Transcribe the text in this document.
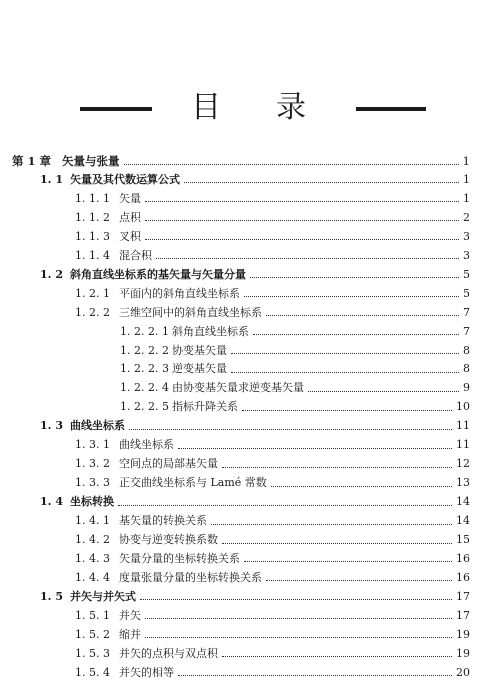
目 录
第 1 章 矢量与张量	1
1. 1 矢量及其代数运算公式	1
1. 1. 1 矢量	1
1. 1. 2 点积	2
1. 1. 3 叉积	3
1. 1. 4 混合积	3
1. 2 斜角直线坐标系的基矢量与矢量分量	5
1. 2. 1 平面内的斜角直线坐标系	5
1. 2. 2 三维空间中的斜角直线坐标系	7
1. 2. 2. 1 斜角直线坐标系	7
1. 2. 2. 2 协变基矢量	8
1. 2. 2. 3 逆变基矢量	8
1. 2. 2. 4 由协变基矢量求逆变基矢量	9
1. 2. 2. 5 指标升降关系	10
1. 3 曲线坐标系	11
1. 3. 1 曲线坐标系	11
1. 3. 2 空间点的局部基矢量	12
1. 3. 3 正交曲线坐标系与 Lamé 常数	13
1. 4 坐标转换	14
1. 4. 1 基矢量的转换关系	14
1. 4. 2 协变与逆变转换系数	15
1. 4. 3 矢量分量的坐标转换关系	16
1. 4. 4 度量张量分量的坐标转换关系	16
1. 5 并矢与并矢式	17
1. 5. 1 并矢	17
1. 5. 2 缩并	19
1. 5. 3 并矢的点积与双点积	19
1. 5. 4 并矢的相等	20
